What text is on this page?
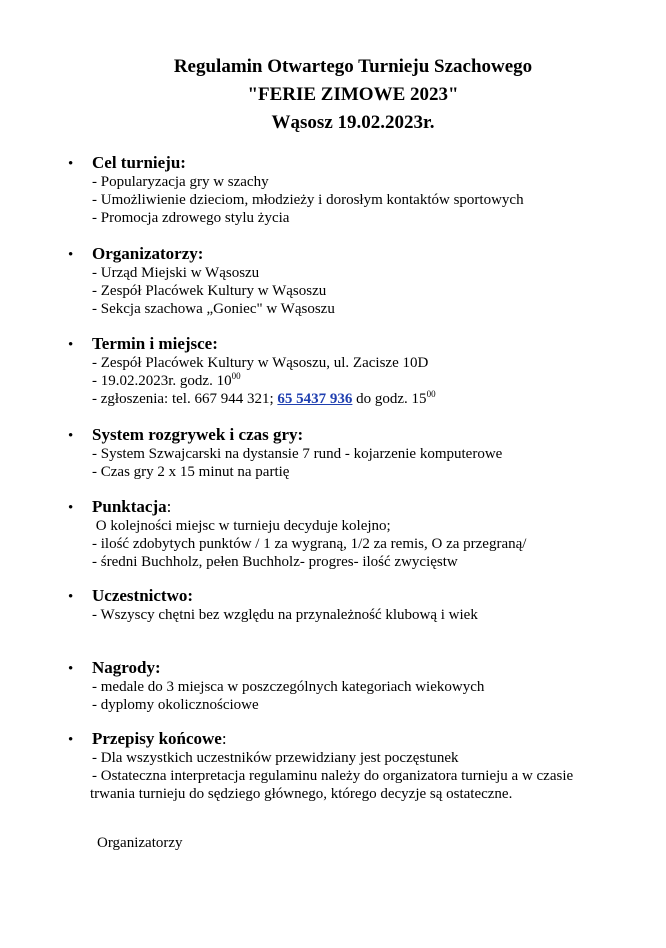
Regulamin Otwartego Turnieju Szachowego
"FERIE ZIMOWE 2023"
Wąsosz 19.02.2023r.
• Cel turnieju:
- Popularyzacja gry w szachy
- Umożliwienie dzieciom, młodzieży i dorosłym kontaktów sportowych
- Promocja zdrowego stylu życia
• Organizatorzy:
- Urząd Miejski w Wąsoszu
- Zespół Placówek Kultury w Wąsoszu
- Sekcja szachowa „Goniec" w Wąsoszu
• Termin i miejsce:
- Zespół Placówek Kultury w Wąsoszu, ul. Zacisze 10D
- 19.02.2023r. godz. $10^{00}$
- zgłoszenia: tel. 667 944 321; 65 5437 936 do godz. $15^{00}$
• System rozgrywek i czas gry:
- System Szwajcarski na dystansie 7 rund - kojarzenie komputerowe
- Czas gry 2 x 15 minut na partię
• Punktacja:
O kolejności miejsc w turnieju decyduje kolejno;
- ilość zdobytych punktów / 1 za wygraną, 1/2 za remis, O za przegraną/
- średni Buchholz, pełen Buchholz- progres- ilość zwycięstw
• Uczestnictwo:
- Wszyscy chętni bez względu na przynależność klubową i wiek
• Nagrody:
- medale do 3 miejsca w poszczególnych kategoriach wiekowych
- dyplomy okolicznościowe
• Przepisy końcowe:
- Dla wszystkich uczestników przewidziany jest poczęstunek
- Ostateczna interpretacja regulaminu należy do organizatora turnieju a w czasie
trwania turnieju do sędziego głównego, którego decyzje są ostateczne.
Organizatorzy
